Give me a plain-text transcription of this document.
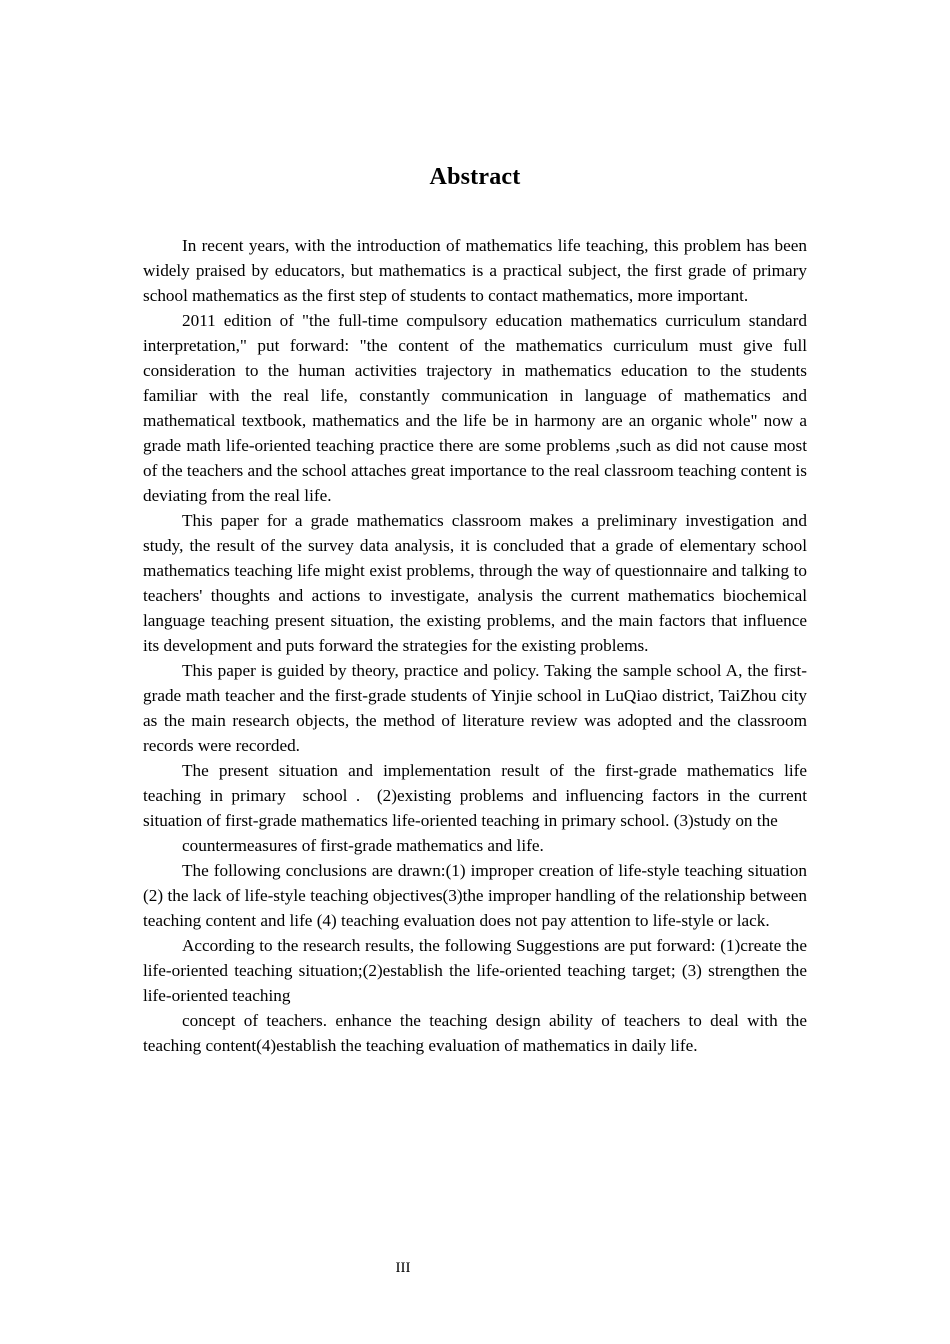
Abstract

In recent years, with the introduction of mathematics life teaching, this problem has been widely praised by educators, but mathematics is a practical subject, the first grade of primary school mathematics as the first step of students to contact mathematics, more important.

2011 edition of "the full-time compulsory education mathematics curriculum standard interpretation," put forward: "the content of the mathematics curriculum must give full consideration to the human activities trajectory in mathematics education to the students familiar with the real life, constantly communication in language of mathematics and mathematical textbook, mathematics and the life be in harmony are an organic whole" now a grade math life-oriented teaching practice there are some problems ,such as did not cause most of the teachers and the school attaches great importance to the real classroom teaching content is deviating from the real life.

This paper for a grade mathematics classroom makes a preliminary investigation and study, the result of the survey data analysis, it is concluded that a grade of elementary school mathematics teaching life might exist problems, through the way of questionnaire and talking to teachers' thoughts and actions to investigate, analysis the current mathematics biochemical language teaching present situation, the existing problems, and the main factors that influence its development and puts forward the strategies for the existing problems.

This paper is guided by theory, practice and policy. Taking the sample school A, the first-grade math teacher and the first-grade students of Yinjie school in LuQiao district, TaiZhou city as the main research objects, the method of literature review was adopted and the classroom records were recorded.

The present situation and implementation result of the first-grade mathematics life teaching in primary  school .  (2)existing problems and influencing factors in the current situation of first-grade mathematics life-oriented teaching in primary school. (3)study on the

countermeasures of first-grade mathematics and life.

The following conclusions are drawn:(1) improper creation of life-style teaching situation (2) the lack of life-style teaching objectives(3)the improper handling of the relationship between teaching content and life (4) teaching evaluation does not pay attention to life-style or lack.

According to the research results, the following Suggestions are put forward: (1)create the life-oriented teaching situation;(2)establish the life-oriented teaching target; (3) strengthen the life-oriented teaching

concept of teachers. enhance the teaching design ability of teachers to deal with the teaching content(4)establish the teaching evaluation of mathematics in daily life.

III
